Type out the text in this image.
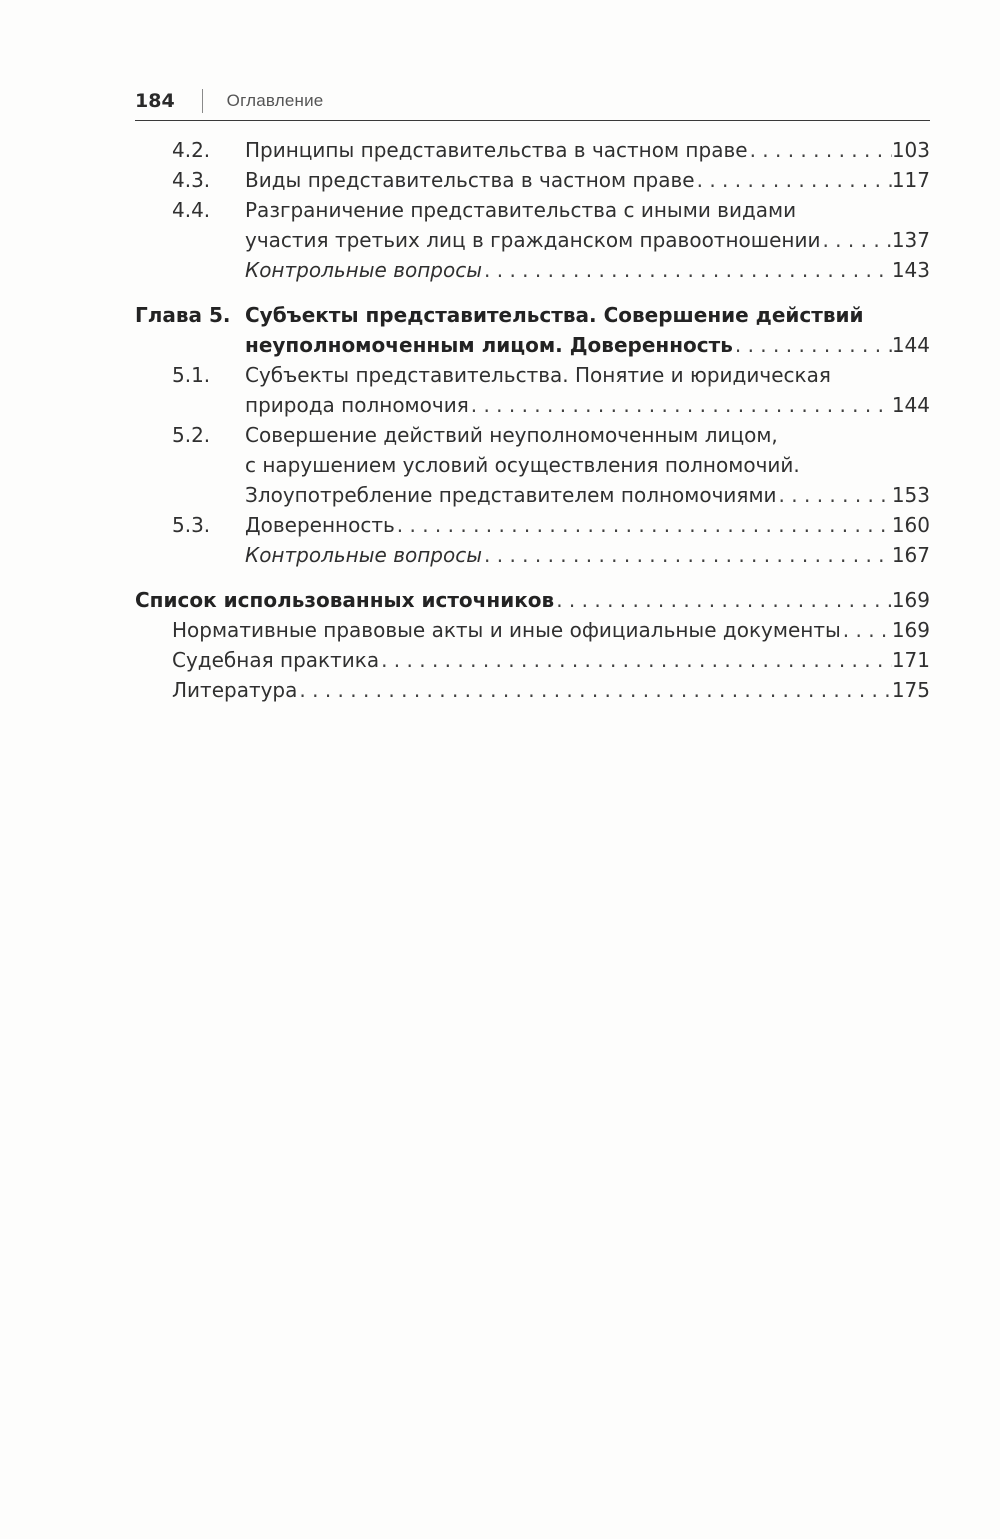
184	Оглавление
4.2.	Принципы представительства в частном праве . . .	103
4.3.	Виды представительства в частном праве . . .	117
4.4.	Разграничение представительства с иными видами
участия третьих лиц в гражданском правоотношении . . .	137
Контрольные вопросы . . .	143
Глава 5. Субъекты представительства. Совершение действий
неуполномоченным лицом. Доверенность . . .	144
5.1.	Субъекты представительства. Понятие и юридическая
природа полномочия . . .	144
5.2.	Совершение действий неуполномоченным лицом,
с нарушением условий осуществления полномочий.
Злоупотребление представителем полномочиями . . .	153
5.3.	Доверенность . . .	160
Контрольные вопросы . . .	167
Список использованных источников . . .	169
Нормативные правовые акты и иные официальные документы . . .	169
Судебная практика . . .	171
Литература . . .	175
